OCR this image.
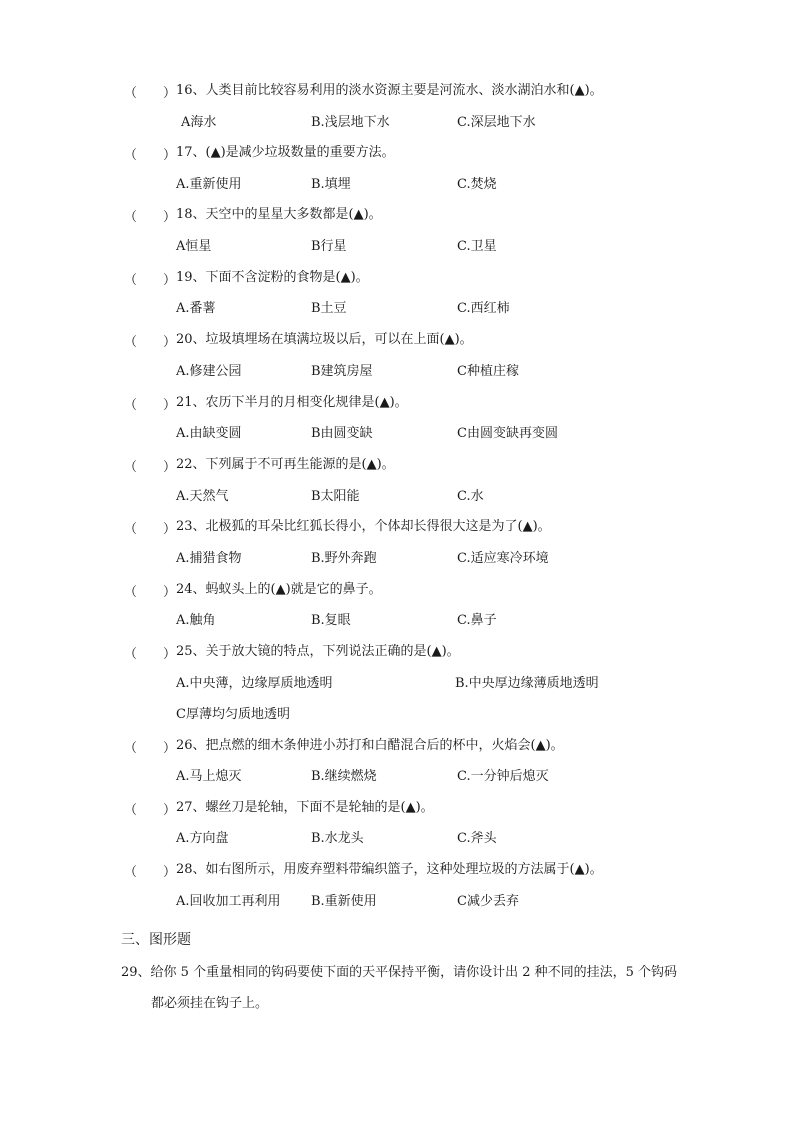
（　　） 16、人类目前比较容易利用的淡水资源主要是河流水、淡水湖泊水和(▲)。
A海水	B.浅层地下水	C.深层地下水
（　　） 17、(▲)是减少垃圾数量的重要方法。
A.重新使用	B.填埋	C.焚烧
（　　） 18、天空中的星星大多数都是(▲)。
A恒星	B行星	C.卫星
（　　） 19、下面不含淀粉的食物是(▲)。
A.番薯	B土豆	C.西红柿
（　　） 20、垃圾填埋场在填满垃圾以后，可以在上面(▲)。
A.修建公园	B建筑房屋	C种植庄稼
（　　） 21、农历下半月的月相变化规律是(▲)。
A.由缺变圆	B由圆变缺	C由圆变缺再变圆
（　　） 22、下列属于不可再生能源的是(▲)。
A.天然气	B太阳能	C.水
（　　） 23、北极狐的耳朵比红狐长得小，个体却长得很大这是为了(▲)。
A.捕猎食物	B.野外奔跑	C.适应寒冷环境
（　　） 24、蚂蚁头上的(▲)就是它的鼻子。
A.触角	B.复眼	C.鼻子
（　　） 25、关于放大镜的特点，下列说法正确的是(▲)。
A.中央薄，边缘厚质地透明	B.中央厚边缘薄质地透明
C厚薄均匀质地透明
（　　） 26、把点燃的细木条伸进小苏打和白醋混合后的杯中，火焰会(▲)。
A.马上熄灭	B.继续燃烧	C.一分钟后熄灭
（　　） 27、螺丝刀是轮轴，下面不是轮轴的是(▲)。
A.方向盘	B.水龙头	C.斧头
（　　） 28、如右图所示，用废弃塑料带编织篮子，这种处理垃圾的方法属于(▲)。
A.回收加工再利用 B.重新使用	C减少丢弃
三、图形题
29、给你 5 个重量相同的钩码要使下面的天平保持平衡，请你设计出 2 种不同的挂法，5 个钩码
都必须挂在钩子上。
